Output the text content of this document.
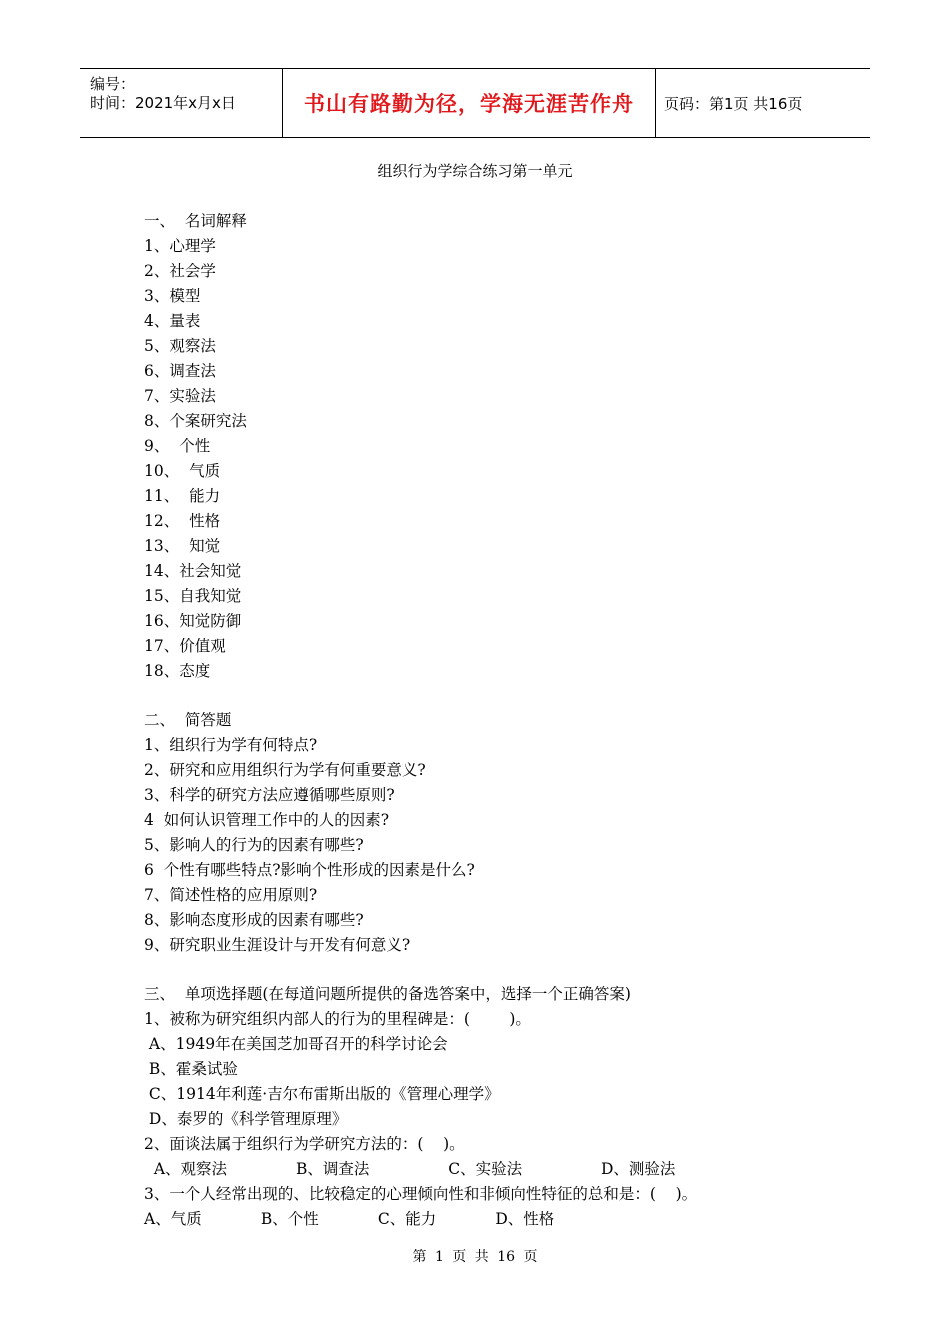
编号：
时间：2021年x月x日	书山有路勤为径，学海无涯苦作舟	页码：第1页 共16页
组织行为学综合练习第一单元
一、  名词解释
1、心理学
2、社会学
3、模型
4、量表
5、观察法
6、调查法
7、实验法
8、个案研究法
9、  个性
10、  气质
11、  能力
12、  性格
13、  知觉
14、社会知觉
15、自我知觉
16、知觉防御
17、价值观
18、态度
二、  简答题
1、组织行为学有何特点?
2、研究和应用组织行为学有何重要意义?
3、科学的研究方法应遵循哪些原则?
4  如何认识管理工作中的人的因素?
5、影响人的行为的因素有哪些?
6  个性有哪些特点?影响个性形成的因素是什么?
7、简述性格的应用原则?
8、影响态度形成的因素有哪些?
9、研究职业生涯设计与开发有何意义?
三、  单项选择题(在每道问题所提供的备选答案中，选择一个正确答案)
1、被称为研究组织内部人的行为的里程碑是：(        )。
A、1949年在美国芝加哥召开的科学讨论会
B、霍桑试验
C、1914年利莲·吉尔布雷斯出版的《管理心理学》
D、泰罗的《科学管理原理》
2、面谈法属于组织行为学研究方法的：(    )。
A、观察法              B、调查法                C、实验法                D、测验法
3、一个人经常出现的、比较稳定的心理倾向性和非倾向性特征的总和是：(    )。
A、气质            B、个性            C、能力            D、性格
第 1 页 共 16 页
